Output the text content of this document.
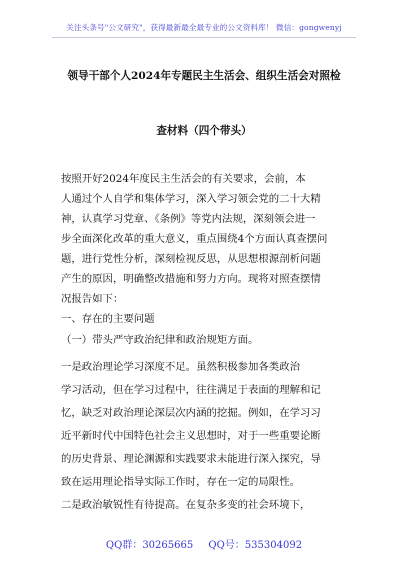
关注头条号"公文研究"，获得最新最全最专业的公文资料库！ 微信：gongwenyj
领导干部个人2024年专题民主生活会、组织生活会对照检
查材料（四个带头）
按照开好2024年度民主生活会的有关要求，会前，本
人通过个人自学和集体学习，深入学习领会党的二十大精
神，认真学习党章、《条例》等党内法规，深刻领会进一
步全面深化改革的重大意义，重点围绕4个方面认真查摆问
题，进行党性分析，深刻检视反思，从思想根源剖析问题
产生的原因，明确整改措施和努力方向。现将对照查摆情
况报告如下：
一、存在的主要问题
（一）带头严守政治纪律和政治规矩方面。
一是政治理论学习深度不足。虽然积极参加各类政治
学习活动，但在学习过程中，往往满足于表面的理解和记
忆，缺乏对政治理论深层次内涵的挖掘。例如，在学习习
近平新时代中国特色社会主义思想时，对于一些重要论断
的历史背景、理论渊源和实践要求未能进行深入探究，导
致在运用理论指导实际工作时，存在一定的局限性。
二是政治敏锐性有待提高。在复杂多变的社会环境下，
QQ群：30265665 QQ号：535304092
